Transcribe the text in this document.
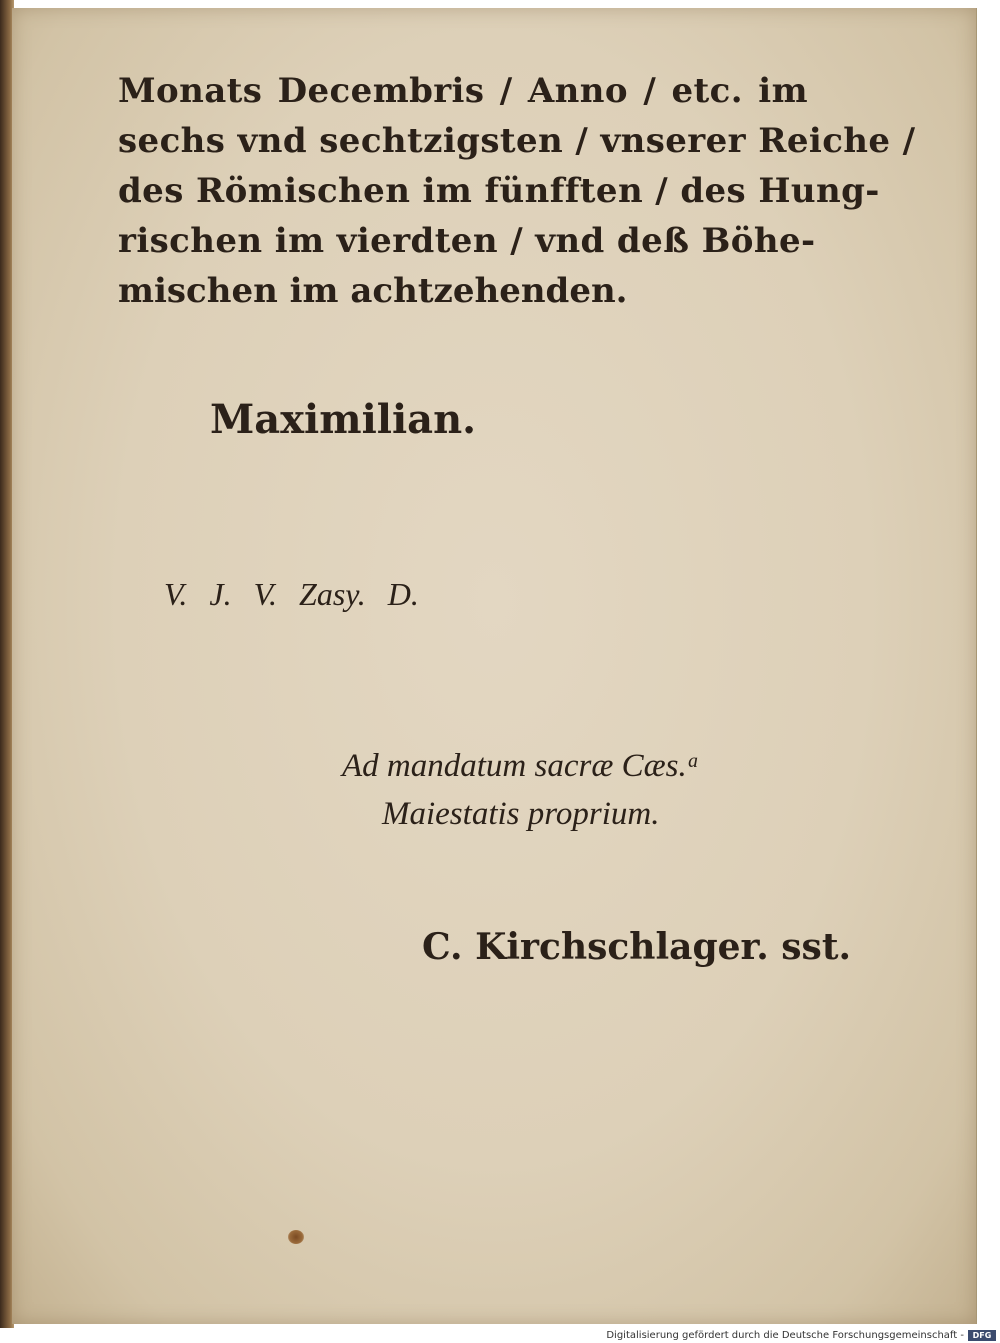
Monats Decembris / Anno / etc. im
sechs vnd sechtzigsten / vnserer Reiche /
des Römischen im fünfften / des Hung-
rischen im vierdten / vnd deß Böhe-
mischen im achtzehenden.
Maximilian.
V. J. V. Zasy. D.
Ad mandatum sacræ Cæs.ᵃ
Maiestatis proprium.
C. Kirchschlager. sst.
Digitalisierung gefördert durch die Deutsche Forschungsgemeinschaft -	DFG
